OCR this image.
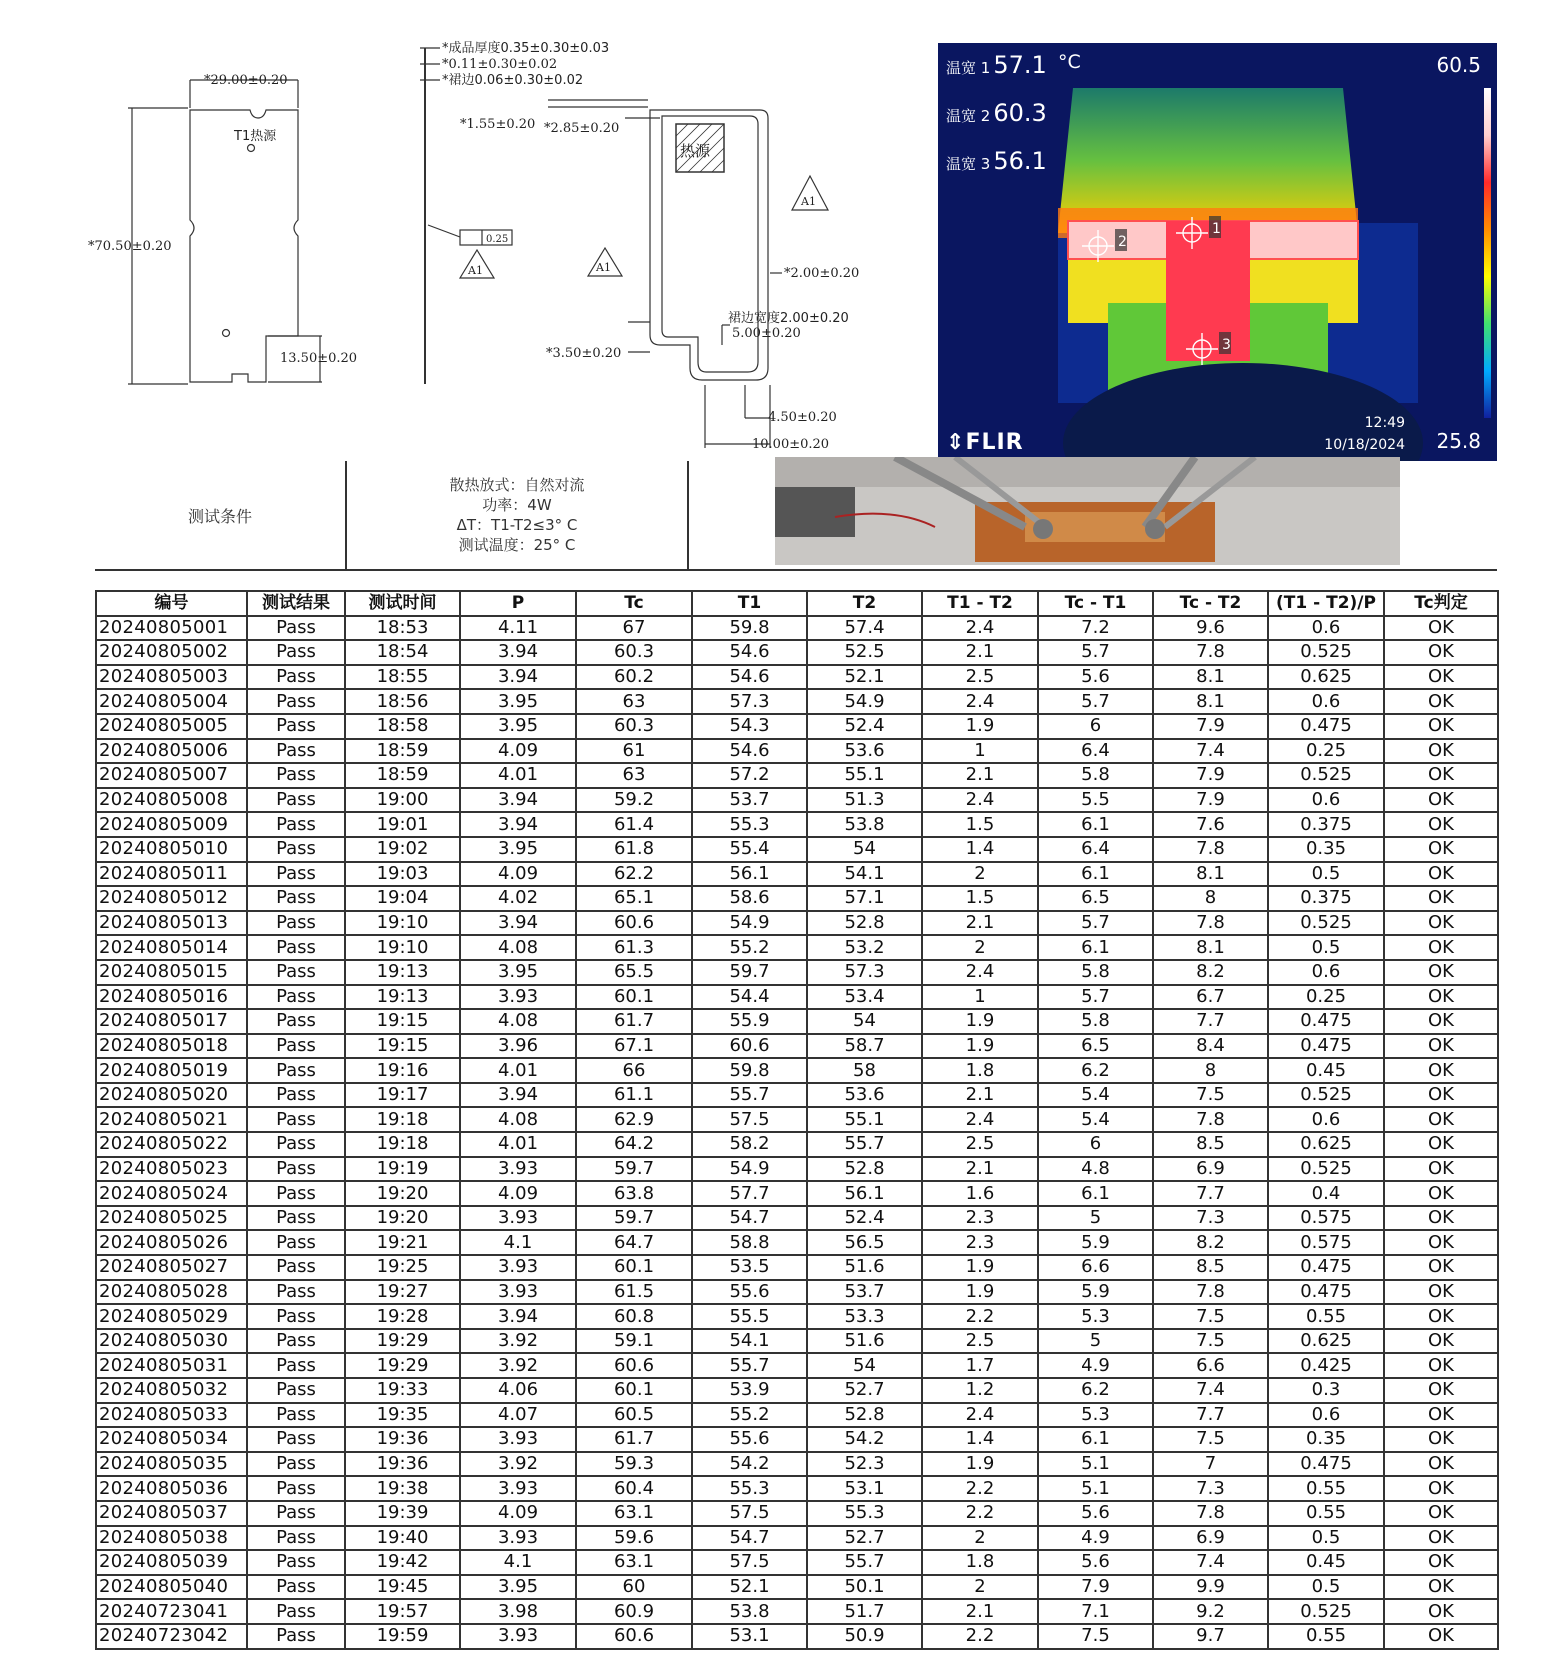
*29.00±0.20
*70.50±0.20
T1热源
13.50±0.20
*成品厚度0.35±0.30±0.03
*0.11±0.30±0.02
*裙边0.06±0.30±0.02
0.25
A1
*1.55±0.20 *2.85±0.20
热源
A1
A1
*2.00±0.20
裙边宽度2.00±0.20
5.00±0.20
*3.50±0.20
4.50±0.20
10.00±0.20
1
2
3
温宽 1 57.1
温宽 2 60.3
温宽 3 56.1
°C	60.5
25.8
12:49
10/18/2024
⇕FLIR
测试条件
散热放式：自然对流
功率：4W
ΔT：T1-T2≤3° C
测试温度：25° C
编号	测试结果	测试时间	P	Tc	T1	T2	T1 - T2	Tc - T1	Tc - T2	(T1 - T2)/P	Tc判定
20240805001	Pass	18:53	4.11	67	59.8	57.4	2.4	7.2	9.6	0.6	OK
20240805002	Pass	18:54	3.94	60.3	54.6	52.5	2.1	5.7	7.8	0.525	OK
20240805003	Pass	18:55	3.94	60.2	54.6	52.1	2.5	5.6	8.1	0.625	OK
20240805004	Pass	18:56	3.95	63	57.3	54.9	2.4	5.7	8.1	0.6	OK
20240805005	Pass	18:58	3.95	60.3	54.3	52.4	1.9	6	7.9	0.475	OK
20240805006	Pass	18:59	4.09	61	54.6	53.6	1	6.4	7.4	0.25	OK
20240805007	Pass	18:59	4.01	63	57.2	55.1	2.1	5.8	7.9	0.525	OK
20240805008	Pass	19:00	3.94	59.2	53.7	51.3	2.4	5.5	7.9	0.6	OK
20240805009	Pass	19:01	3.94	61.4	55.3	53.8	1.5	6.1	7.6	0.375	OK
20240805010	Pass	19:02	3.95	61.8	55.4	54	1.4	6.4	7.8	0.35	OK
20240805011	Pass	19:03	4.09	62.2	56.1	54.1	2	6.1	8.1	0.5	OK
20240805012	Pass	19:04	4.02	65.1	58.6	57.1	1.5	6.5	8	0.375	OK
20240805013	Pass	19:10	3.94	60.6	54.9	52.8	2.1	5.7	7.8	0.525	OK
20240805014	Pass	19:10	4.08	61.3	55.2	53.2	2	6.1	8.1	0.5	OK
20240805015	Pass	19:13	3.95	65.5	59.7	57.3	2.4	5.8	8.2	0.6	OK
20240805016	Pass	19:13	3.93	60.1	54.4	53.4	1	5.7	6.7	0.25	OK
20240805017	Pass	19:15	4.08	61.7	55.9	54	1.9	5.8	7.7	0.475	OK
20240805018	Pass	19:15	3.96	67.1	60.6	58.7	1.9	6.5	8.4	0.475	OK
20240805019	Pass	19:16	4.01	66	59.8	58	1.8	6.2	8	0.45	OK
20240805020	Pass	19:17	3.94	61.1	55.7	53.6	2.1	5.4	7.5	0.525	OK
20240805021	Pass	19:18	4.08	62.9	57.5	55.1	2.4	5.4	7.8	0.6	OK
20240805022	Pass	19:18	4.01	64.2	58.2	55.7	2.5	6	8.5	0.625	OK
20240805023	Pass	19:19	3.93	59.7	54.9	52.8	2.1	4.8	6.9	0.525	OK
20240805024	Pass	19:20	4.09	63.8	57.7	56.1	1.6	6.1	7.7	0.4	OK
20240805025	Pass	19:20	3.93	59.7	54.7	52.4	2.3	5	7.3	0.575	OK
20240805026	Pass	19:21	4.1	64.7	58.8	56.5	2.3	5.9	8.2	0.575	OK
20240805027	Pass	19:25	3.93	60.1	53.5	51.6	1.9	6.6	8.5	0.475	OK
20240805028	Pass	19:27	3.93	61.5	55.6	53.7	1.9	5.9	7.8	0.475	OK
20240805029	Pass	19:28	3.94	60.8	55.5	53.3	2.2	5.3	7.5	0.55	OK
20240805030	Pass	19:29	3.92	59.1	54.1	51.6	2.5	5	7.5	0.625	OK
20240805031	Pass	19:29	3.92	60.6	55.7	54	1.7	4.9	6.6	0.425	OK
20240805032	Pass	19:33	4.06	60.1	53.9	52.7	1.2	6.2	7.4	0.3	OK
20240805033	Pass	19:35	4.07	60.5	55.2	52.8	2.4	5.3	7.7	0.6	OK
20240805034	Pass	19:36	3.93	61.7	55.6	54.2	1.4	6.1	7.5	0.35	OK
20240805035	Pass	19:36	3.92	59.3	54.2	52.3	1.9	5.1	7	0.475	OK
20240805036	Pass	19:38	3.93	60.4	55.3	53.1	2.2	5.1	7.3	0.55	OK
20240805037	Pass	19:39	4.09	63.1	57.5	55.3	2.2	5.6	7.8	0.55	OK
20240805038	Pass	19:40	3.93	59.6	54.7	52.7	2	4.9	6.9	0.5	OK
20240805039	Pass	19:42	4.1	63.1	57.5	55.7	1.8	5.6	7.4	0.45	OK
20240805040	Pass	19:45	3.95	60	52.1	50.1	2	7.9	9.9	0.5	OK
20240723041	Pass	19:57	3.98	60.9	53.8	51.7	2.1	7.1	9.2	0.525	OK
20240723042	Pass	19:59	3.93	60.6	53.1	50.9	2.2	7.5	9.7	0.55	OK
